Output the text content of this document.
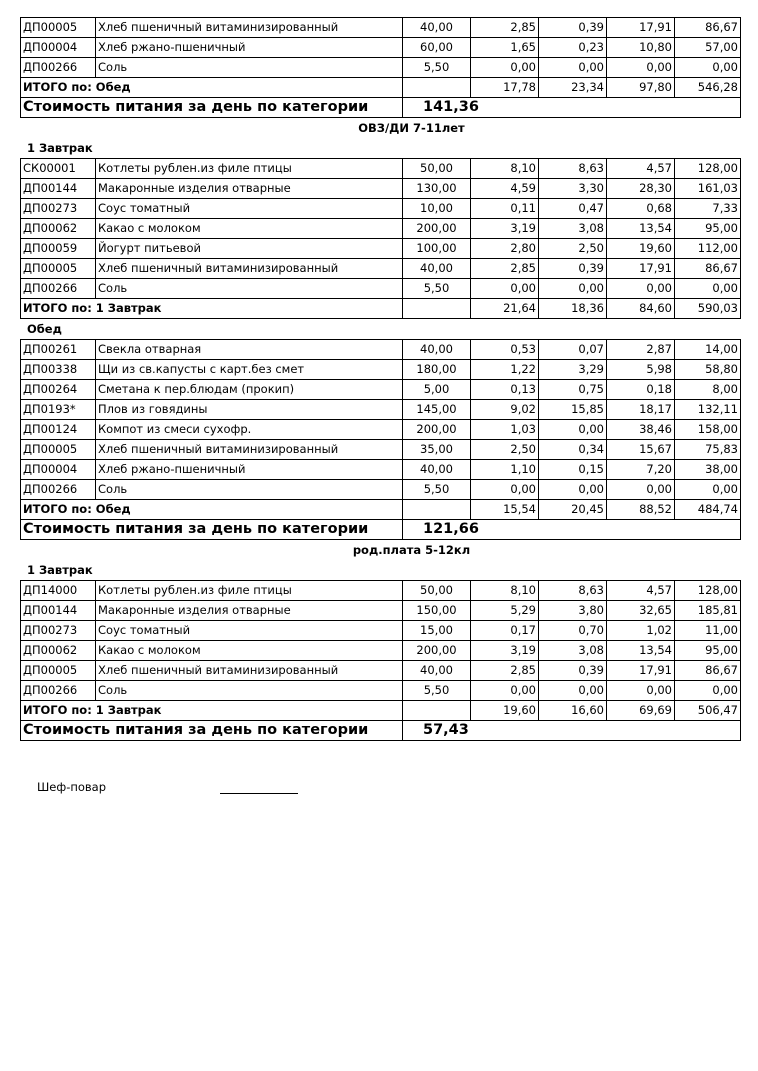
ДП00005	Хлеб пшеничный витаминизированный	40,00	2,85	0,39	17,91	86,67
ДП00004	Хлеб ржано-пшеничный	60,00	1,65	0,23	10,80	57,00
ДП00266	Соль	5,50	0,00	0,00	0,00	0,00
ИТОГО по: Обед			17,78	23,34	97,80	546,28
Стоимость питания за день по категории		141,36				
ОВЗ/ДИ 7-11лет
1 Завтрак
СК00001	Котлеты рублен.из филе птицы	50,00	8,10	8,63	4,57	128,00
ДП00144	Макаронные изделия отварные	130,00	4,59	3,30	28,30	161,03
ДП00273	Соус томатный	10,00	0,11	0,47	0,68	7,33
ДП00062	Какао с молоком	200,00	3,19	3,08	13,54	95,00
ДП00059	Йогурт питьевой	100,00	2,80	2,50	19,60	112,00
ДП00005	Хлеб пшеничный витаминизированный	40,00	2,85	0,39	17,91	86,67
ДП00266	Соль	5,50	0,00	0,00	0,00	0,00
ИТОГО по: 1 Завтрак			21,64	18,36	84,60	590,03
Обед
ДП00261	Свекла отварная	40,00	0,53	0,07	2,87	14,00
ДП00338	Щи из св.капусты с карт.без смет	180,00	1,22	3,29	5,98	58,80
ДП00264	Сметана к пер.блюдам (прокип)	5,00	0,13	0,75	0,18	8,00
ДП0193*	Плов из говядины	145,00	9,02	15,85	18,17	132,11
ДП00124	Компот из смеси сухофр.	200,00	1,03	0,00	38,46	158,00
ДП00005	Хлеб пшеничный витаминизированный	35,00	2,50	0,34	15,67	75,83
ДП00004	Хлеб ржано-пшеничный	40,00	1,10	0,15	7,20	38,00
ДП00266	Соль	5,50	0,00	0,00	0,00	0,00
ИТОГО по: Обед			15,54	20,45	88,52	484,74
Стоимость питания за день по категории		121,66				
род.плата 5-12кл
1 Завтрак
ДП14000	Котлеты рублен.из филе птицы	50,00	8,10	8,63	4,57	128,00
ДП00144	Макаронные изделия отварные	150,00	5,29	3,80	32,65	185,81
ДП00273	Соус томатный	15,00	0,17	0,70	1,02	11,00
ДП00062	Какао с молоком	200,00	3,19	3,08	13,54	95,00
ДП00005	Хлеб пшеничный витаминизированный	40,00	2,85	0,39	17,91	86,67
ДП00266	Соль	5,50	0,00	0,00	0,00	0,00
ИТОГО по: 1 Завтрак			19,60	16,60	69,69	506,47
Стоимость питания за день по категории		57,43				
Шеф-повар
